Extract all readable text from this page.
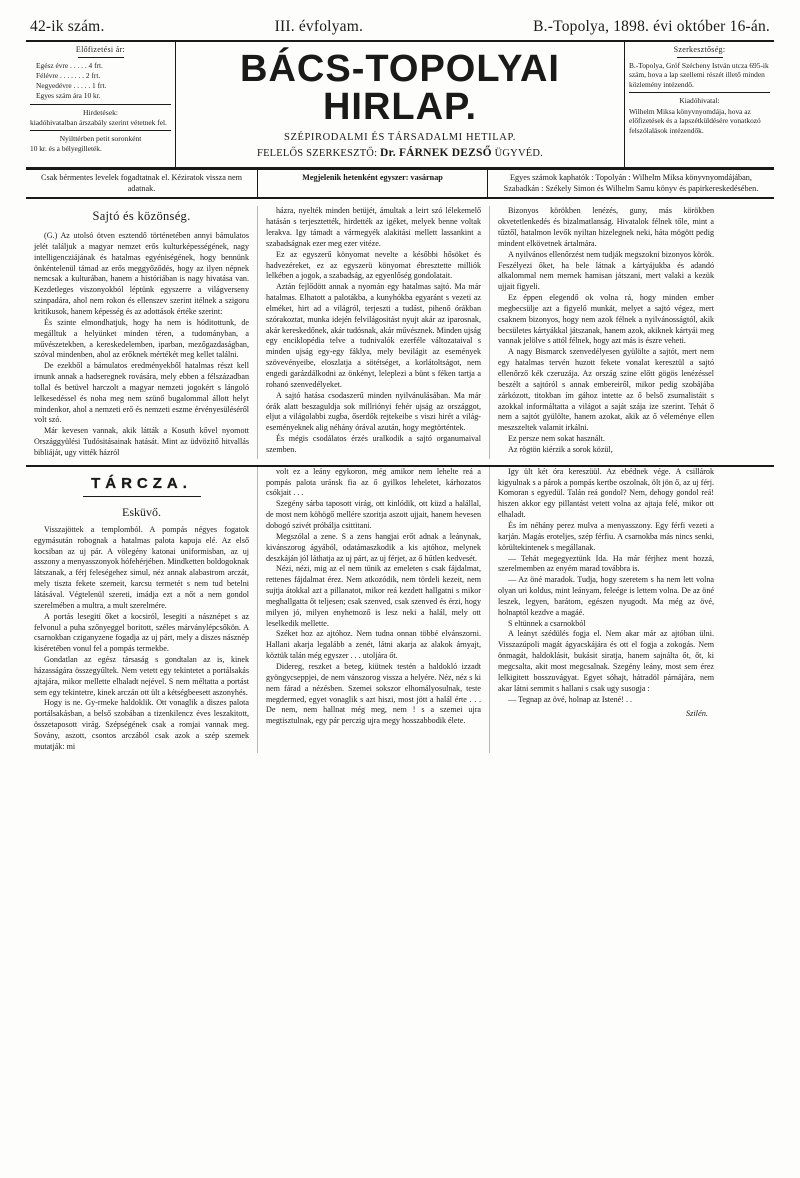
42-ik szám.	III. évfolyam.	B.-Topolya, 1898. évi október 16-án.
Előfizetési ár:
Egész évre . . . . . 4 frt.
Félévre . . . . . . . 2 frt.
Negyedévre . . . . . 1 frt.
Egyes szám ára 10 kr.
Hirdetések:
kiadóhivatalban árszabály szerint vétetnek fel.
Nyilttérben petit soronként
10 kr. és a bélyegilleték.
BÁCS-TOPOLYAI HIRLAP.
SZÉPIRODALMI ÉS TÁRSADALMI HETILAP.
FELELŐS SZERKESZTŐ: Dr. FÁRNEK DEZSŐ ÜGYVÉD.
Szerkesztőség:

B.-Topolya, Gróf Szécheny István utcza 695-ik szám, hova a lap szellemi részét illető minden közlemény intézendő.

Kiadóhivatal:

Wilhelm Miksa könyvnyomdája, hova az előfizetések és a lapszétküldésére vonatkozó felszólalások intézendők.

Csak bérmentes levelek fogadtatnak el. Kéziratok vissza nem adatnak.
Megjelenik hetenként egyszer: vasárnap	Egyes számok kaphatók : Topolyán : Wilhelm Miksa könyvnyomdájában, Szabadkán : Székely Simon és Wilhelm Samu könyv és papirkereskedésében.
Sajtó és közönség.

(G.) Az utolsó ötven esztendő történetében annyi bámulatos jelét találjuk a magyar nemzet erős kulturképességének, nagy intelligencziájának és hatalmas egyéniségének, hogy bennünk önkéntelenül támad az erős meggyőződés, hogy az ilyen népnek nemcsak a kulturában, hanem a históriában is nagy hivatása van. Kezdetleges viszonyokból léptünk egyszerre a világverseny szinpadára, ahol nem rokon és ellenszev szerint itélnek a szigoru kritikusok, hanem képesség és az adottások értéke szerint:

És szinte elmondhatjuk, hogy ha nem is hóditottunk, de megálltuk a helyünket minden téren, a tudományban, a művészetekben, a kereskedelemben, iparban, mezőgazdaságban, szóval mindenben, ahol az erőknek mértékét meg kellet találni.

De ezekből a bámulatos eredményekből hatalmas részt kell irnunk annak a hadseregnek rovására, mely ebben a félszázadban tollal és betüvel harczolt a magyar nemzeti jogokért s lángoló lelkesedéssel és noha meg nem szünő bugalommal állott helyt mindenkor, ahol a nemzeti erő és nemzeti eszme érvényesüléséről volt szó.

Már kevesen vannak, akik látták a Kosuth kővel nyomott Országgyülési Tudósitásainak hatását. Mint az üdvözitő hitvallás bibliáját, ugy vitték házról

házra, nyelték minden betüjét, ámultak a leirt szó lélekemelő hatásán s terjesztették, hirdették az igéket, melyek benne voltak lerakva. Igy támadt a vármegyék alakitási mellett lassankint a szabadságnak ezer meg ezer vitéze.

Ez az egyszerű könyomat nevelte a későbbi hősöket és hadvezéreket, ez az egyszerü könyomat ébresztette milliók lelkében a jogok, a szabadság, az egyenlőség gondolatait.

Aztán fejlődött annak a nyomán egy hatalmas sajtó. Ma már hatalmas. Elhatott a palotákba, a kunyhókba egyaránt s vezeti az elméket, hirt ad a világról, terjeszti a tudást, pihenő órákban szórakoztat, munka idején felvilágositást nyujt akár az iparosnak, akár kereskedőnek, akár tudósnak, akár művésznek. Minden ujság egy enciklopédia telve a tudnivalók ezerféle változataival s minden ujság egy-egy fáklya, mely bevilágit az események szövevényeibe, eloszlatja a sötétséget, a korlátoltságot, nem engedi garázdálkodni az önkényt, leleplezi a bünt s féken tartja a rohanó szenvedélyeket.

A sajtó hatása csodaszerű minden nyilvánulásában. Ma már órák alatt beszaguldja sok millriónyi fehér ujság az országgot, eljut a világolabbi zugba, őserdők rejtekeibe s viszi hirét a világ-eseményeknek alig néhány órával azután, hogy megtörténtek.

És mégis csodálatos érzés uralkodik a sajtó organumaival szemben.

Bizonyos körökben lenézés, guny, más körökben okvetetlenkedés és bizalmatlanság. Hivatalok félnek tőle, mint a tűztől, hatalmon levők nyiltan hizelegnek neki, háta mögött pedig mindent elkövetnek ártalmára.

A nyilvános ellenőrzést nem tudják megszokni bizonyos körök. Feszélyezi őket, ha bele látnak a kártyájukba és adandó alkalommal nem mernek hamisan játszani, mert valaki a kezük ujjait figyeli.

Ez éppen elegendő ok volna rá, hogy minden ember megbecsülje azt a figyelő munkát, melyet a sajtó végez, mert csaknem bizonyos, hogy nem azok félnek a nyilvánosságtól, akik becsületes kártyákkal játszanak, hanem azok, akiknek kártyái meg vannak jelölve s attól félnek, hogy azt más is észre veheti.

A nagy Bismarck szenvedélyesen gyülölte a sajtót, mert nem egy hatalmas tervén huzott fekete vonalat keresztül a sajtó ellenőrző kék czeruzája. Az ország szine előtt gögös lenézéssel beszélt a sajtóról s annak embereiről, mikor pedig szobájába zárkózott, titokban ím gához intette az ő belső zsurnalistáit s azokkal informáltatta a világot a saját szája ize szerint. Tehát ő nem a sajtót gyülölte, hanem azokat, akik az ő véleménye ellen meszszeltek valamit irkálni.

Ez persze nem sokat használt.

Az rögtön kiérzik a sorok közül,

TÁRCZA.
Esküvő.

Visszajöttek a templomból. A pompás négyes fogatok egymásután robognak a hatalmas palota kapuja elé. Az első kocsiban az uj pár. A völegény katonai uniformisban, az uj asszony a menyasszonyok hófehérjében. Mindketten boldogoknak látszanak, a férj feleségehez simul, néz annak alabastrom arczát, mely tiszta fekete szemeit, karcsu termetét s nem tud betelni látásával. Végtelenül szereti, imádja ezt a nőt a nem gondol szerelmében a multra, a mult szerelmére.

A portás lesegiti őket a kocsiról, lesegiti a násznépet s az felvonul a puha szőnyeggel boritott, széles márványlépcsőkön. A csarnokban cziganyzene fogadja az uj párt, mely a diszes násznép kiséretében vonul fel a pompás termekbe.

Gondatlan az egész társaság s gondtalan az is, kinek házasságára összegyűltek. Nem vetett egy tekintetet a portálsakás ajtajára, mikor mellette elhaladt nejével. S nem méltatta a portást sem egy tekintetre, kinek arczán ott ült a kétségbeesett aszonyhés.

Hogy is ne. Gy-rmeke haldoklik. Ott vonaglik a diszes palota portálsakásban, a belső szobában a tizenkilencz éves leszakitott, összetaposott virág. Szépségének csak a romjai vannak meg. Sovány, aszott, csontos arczából csak azok a szép szemek mutatják: mi

volt ez a leány egykoron, még amikor nem lehelte reá a pompás palota uránsk fia az ő gyilkos leheletet, kárhozatos csókjait . . .

Szegény sárba taposott virág, ott kinlódik, ott küzd a halállal, de most nem köhögő mellére szoritja aszott ujjait, hanem hevesen dobogó szivét próbálja csittitani.

Megszólal a zene. S a zens hangjai erőt adnak a leánynak, kivánszorog ágyából, odatámaszkodik a kis ajtóhoz, melynek deszkáján jól láthatja az uj párt, az uj férjet, az ő hűtlen kedvesét.

Nézi, nézi, mig az el nem tünik az emeleten s csak fájdalmat, rettenes fájdalmat érez. Nem atkozódik, nem tördeli kezeit, nem sujtja átokkal azt a pillanatot, mikor reá kezdett hallgatni s mikor meghallgatta őt teljesen; csak szenved, csak szenved és érzi, hogy milyen jó, milyen enyhetnoző is lesz neki a halál, mely ott leselkedik mellette.

Széket hoz az ajtóhoz. Nem tudna onnan többé elvánszorni. Hallani akarja legalább a zenét, látni akarja az alakok árnyajt, köztük talán még egyszer . . . utoljára őt.

Didereg, reszket a beteg, kiütnek testén a haldokló izzadt gyöngycseppjei, de nem vánszorog vissza a helyére. Néz, néz s ki nem fárad a nézésben. Szemei sokszor elhomályosulnak, teste megdermed, egyet vonaglik s azt hiszi, most jött a halál érte . . . De nem, nem hallnat még meg, nem ! s a szemei ujra megtisztulnak, egy pár perczig ujra megy hosszabbodik élete.

Igy ült két óra kereszüül. Az ebédnek vége. A csillárok kigyulnak s a párok a pompás kertbe oszolnak, ölt jön ő, az uj férj. Komoran s egyedül. Talán reá gondol? Nem, dehogy gondol reá! hiszen akkor egy pillantást vetett volna az ajtaja felé, mikor ott elhaladt.

És ím néhány perez mulva a menyasszony. Egy férfi vezeti a karján. Magás eroteljes, szép férfiu. A csarnokba más nincs senki, körültekintenek s megállanak.

— Tehát megegyeztünk Ida. Ha már férjhez ment hozzá, szerelmemben az enyém marad továbbra is.

— Az öné maradok. Tudja, hogy szeretem s ha nem lett volna olyan uri koldus, mint leányam, feleége is lettem volna. De az öné leszek, legyen, barátom, egészen nyugodt. Ma még az övé, holnaptól kezdve a magáé.

S eltünnek a csarnokból

A leányt szédülés fogja el. Nem akar már az ajtóban ülni. Visszazúpoli magát ágyacskájára és ott el fogja a zokogás. Nem önmagát, haldoklásit, bukásit siratja, hanem sajnálta őt, őt, ki megcsalta, akit most megcsalnak. Szegény leány, most sem érez lelkigitett bosszuvágyat. Egyet sóhajt, hátradöl párnájára, nem akar látni semmit s hallani s csak ugy susogja :

— Tegnap az övé, holnap az Istené! . .

Szilén.
